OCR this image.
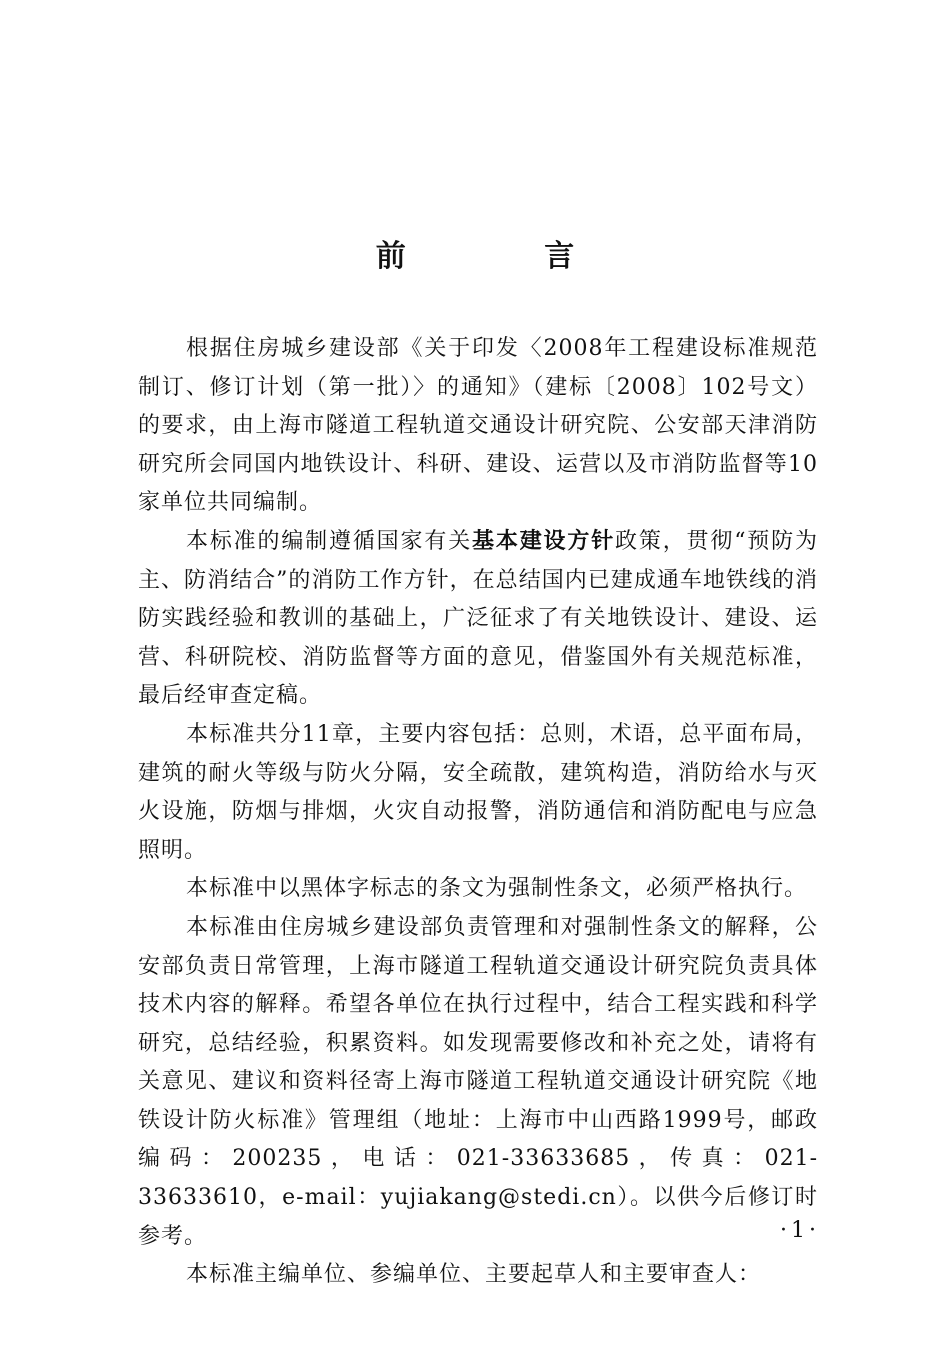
前 言

根据住房城乡建设部《关于印发〈2008年工程建设标准规范制订、修订计划（第一批）〉的通知》（建标〔2008〕102号文）的要求，由上海市隧道工程轨道交通设计研究院、公安部天津消防研究所会同国内地铁设计、科研、建设、运营以及市消防监督等10家单位共同编制。

本标准的编制遵循国家有关基本建设方针政策，贯彻“预防为主、防消结合”的消防工作方针，在总结国内已建成通车地铁线的消防实践经验和教训的基础上，广泛征求了有关地铁设计、建设、运营、科研院校、消防监督等方面的意见，借鉴国外有关规范标准，最后经审查定稿。

本标准共分11章，主要内容包括：总则，术语，总平面布局，建筑的耐火等级与防火分隔，安全疏散，建筑构造，消防给水与灭火设施，防烟与排烟，火灾自动报警，消防通信和消防配电与应急照明。

本标准中以黑体字标志的条文为强制性条文，必须严格执行。

本标准由住房城乡建设部负责管理和对强制性条文的解释，公安部负责日常管理，上海市隧道工程轨道交通设计研究院负责具体技术内容的解释。希望各单位在执行过程中，结合工程实践和科学研究，总结经验，积累资料。如发现需要修改和补充之处，请将有关意见、建议和资料径寄上海市隧道工程轨道交通设计研究院《地铁设计防火标准》管理组（地址：上海市中山西路1999号，邮政编码：200235，电话：021-33633685，传真：021-33633610，e-mail：yujiakang@stedi.cn）。以供今后修订时参考。

本标准主编单位、参编单位、主要起草人和主要审查人：

·1·
